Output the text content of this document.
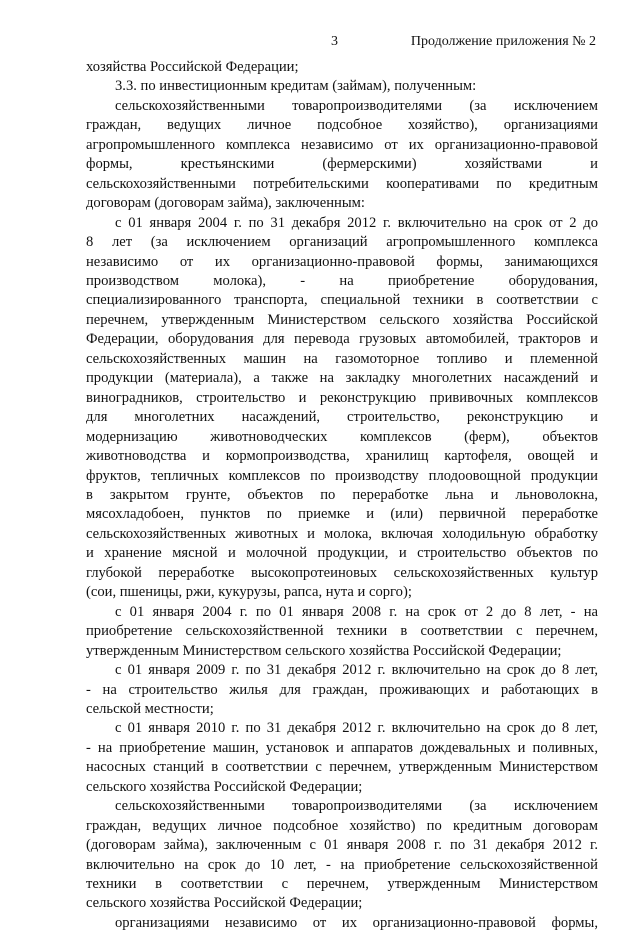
3	Продолжение приложения № 2

хозяйства Российской Федерации;

3.3. по инвестиционным кредитам (займам), полученным:

сельскохозяйственными товаропроизводителями (за исключением

граждан, ведущих личное подсобное хозяйство), организациями

агропромышленного комплекса независимо от их организационно-правовой

формы, крестьянскими (фермерскими) хозяйствами и

сельскохозяйственными потребительскими кооперативами по кредитным

договорам (договорам займа), заключенным:

с 01 января 2004 г. по 31 декабря 2012 г. включительно на срок от 2 до

8 лет (за исключением организаций агропромышленного комплекса

независимо от их организационно-правовой формы, занимающихся

производством молока), - на приобретение оборудования,

специализированного транспорта, специальной техники в соответствии с

перечнем, утвержденным Министерством сельского хозяйства Российской

Федерации, оборудования для перевода грузовых автомобилей, тракторов и

сельскохозяйственных машин на газомоторное топливо и племенной

продукции (материала), а также на закладку многолетних насаждений и

виноградников, строительство и реконструкцию прививочных комплексов

для многолетних насаждений, строительство, реконструкцию и

модернизацию животноводческих комплексов (ферм), объектов

животноводства и кормопроизводства, хранилищ картофеля, овощей и

фруктов, тепличных комплексов по производству плодоовощной продукции

в закрытом грунте, объектов по переработке льна и льноволокна,

мясохладобоен, пунктов по приемке и (или) первичной переработке

сельскохозяйственных животных и молока, включая холодильную обработку

и хранение мясной и молочной продукции, и строительство объектов по

глубокой переработке высокопротеиновых сельскохозяйственных культур

(сои, пшеницы, ржи, кукурузы, рапса, нута и сорго);

с 01 января 2004 г. по 01 января 2008 г. на срок от 2 до 8 лет, - на

приобретение сельскохозяйственной техники в соответствии с перечнем,

утвержденным Министерством сельского хозяйства Российской Федерации;

с 01 января 2009 г. по 31 декабря 2012 г. включительно на срок до 8 лет,

- на строительство жилья для граждан, проживающих и работающих в

сельской местности;

с 01 января 2010 г. по 31 декабря 2012 г. включительно на срок до 8 лет,

- на приобретение машин, установок и аппаратов дождевальных и поливных,

насосных станций в соответствии с перечнем, утвержденным Министерством

сельского хозяйства Российской Федерации;

сельскохозяйственными товаропроизводителями (за исключением

граждан, ведущих личное подсобное хозяйство) по кредитным договорам

(договорам займа), заключенным с 01 января 2008 г. по 31 декабря 2012 г.

включительно на срок до 10 лет, - на приобретение сельскохозяйственной

техники в соответствии с перечнем, утвержденным Министерством

сельского хозяйства Российской Федерации;

организациями независимо от их организационно-правовой формы,
